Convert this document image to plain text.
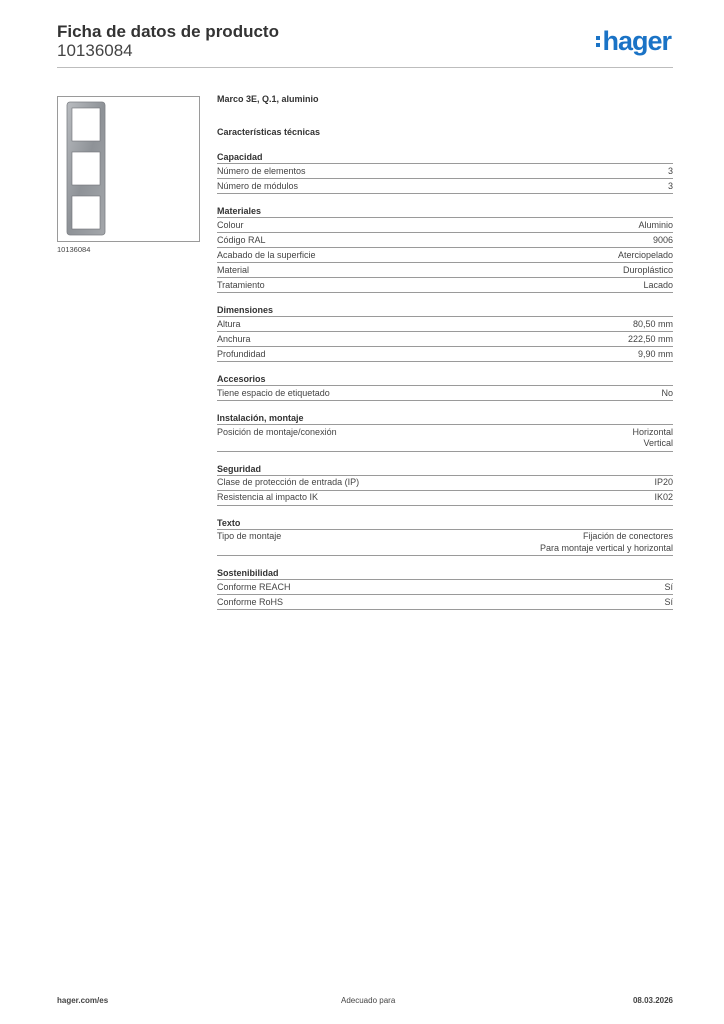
Ficha de datos de producto
10136084	hager
10136084
Marco 3E, Q.1, aluminio
Características técnicas
Capacidad
Número de elementos	3
Número de módulos	3
Materiales
Colour	Aluminio
Código RAL	9006
Acabado de la superficie	Aterciopelado
Material	Duroplástico
Tratamiento	Lacado
Dimensiones
Altura	80,50 mm
Anchura	222,50 mm
Profundidad	9,90 mm
Accesorios
Tiene espacio de etiquetado	No
Instalación, montaje
Posición de montaje/conexión	Horizontal
Vertical
Seguridad
Clase de protección de entrada (IP)	IP20
Resistencia al impacto IK	IK02
Texto
Tipo de montaje	Fijación de conectores
Para montaje vertical y horizontal
Sostenibilidad
Conforme REACH	Sí
Conforme RoHS	Sí
hager.com/es	Adecuado para	08.03.2026
